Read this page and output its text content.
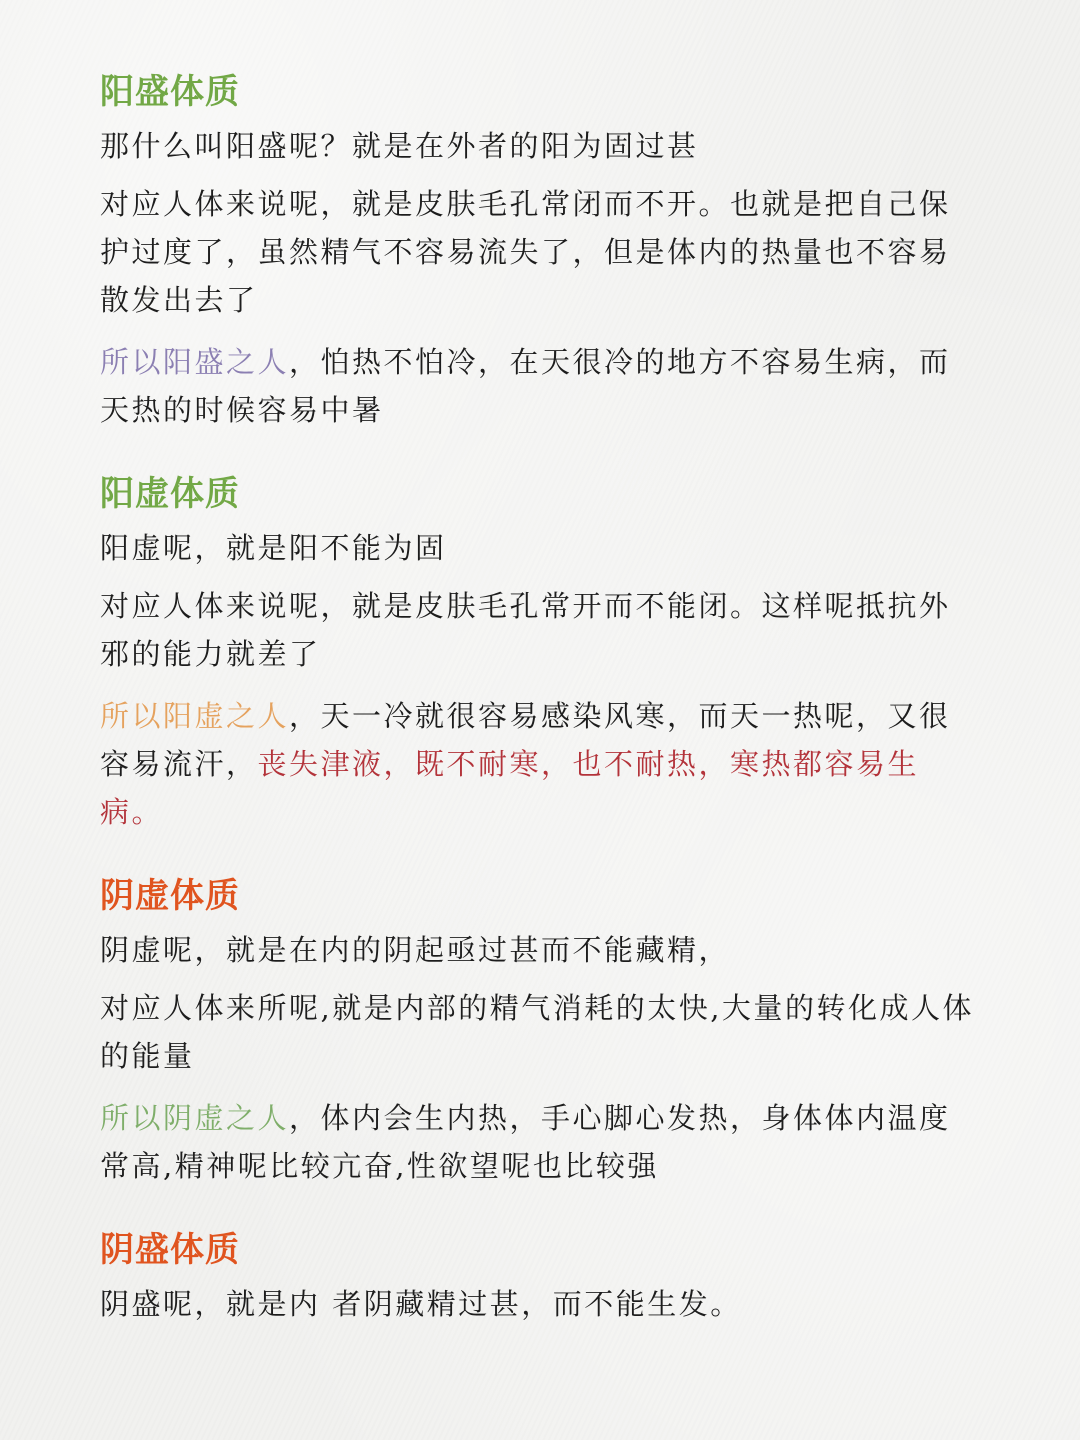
阳盛体质

那什么叫阳盛呢？就是在外者的阳为固过甚

对应人体来说呢，就是皮肤毛孔常闭而不开。也就是把自己保护过度了，虽然精气不容易流失了，但是体内的热量也不容易散发出去了

所以阳盛之人，怕热不怕冷，在天很冷的地方不容易生病，而天热的时候容易中暑

阳虚体质

阳虚呢，就是阳不能为固

对应人体来说呢，就是皮肤毛孔常开而不能闭。这样呢抵抗外邪的能力就差了

所以阳虚之人，天一冷就很容易感染风寒，而天一热呢，又很容易流汗，丧失津液，既不耐寒，也不耐热，寒热都容易生病。

阴虚体质

阴虚呢，就是在内的阴起亟过甚而不能藏精，

对应人体来所呢,就是内部的精气消耗的太快,大量的转化成人体的能量

所以阴虚之人，体内会生内热，手心脚心发热，身体体内温度常高,精神呢比较亢奋,性欲望呢也比较强

阴盛体质

阴盛呢，就是内 者阴藏精过甚，而不能生发。
